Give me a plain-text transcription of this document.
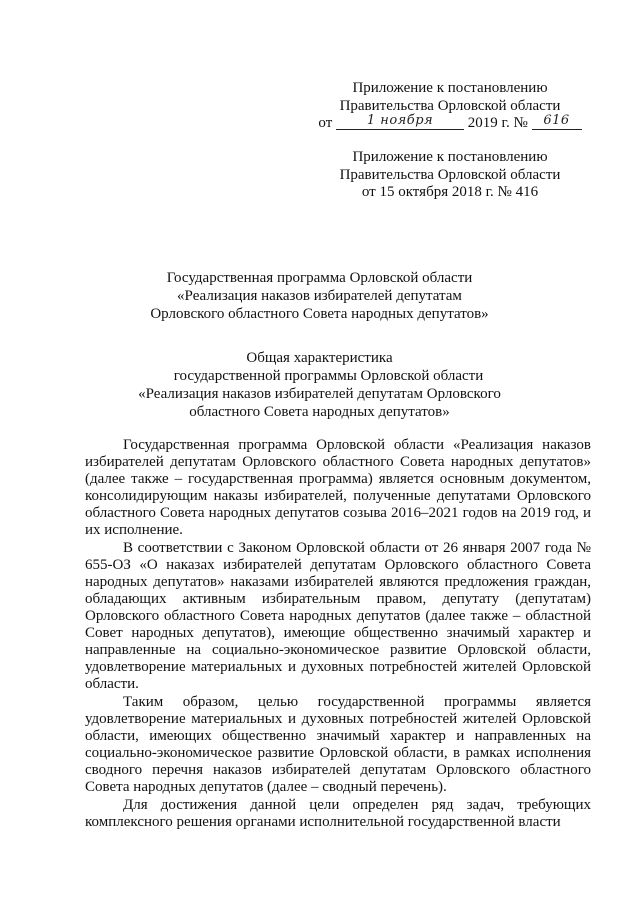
Приложение к постановлению
Правительства Орловской области
от	1 ноября 2019 г. № 616
Приложение к постановлению
Правительства Орловской области
от 15 октября 2018 г. № 416
Государственная программа Орловской области
«Реализация наказов избирателей депутатам
Орловского областного Совета народных депутатов»
Общая характеристика
государственной программы Орловской области
«Реализация наказов избирателей депутатам Орловского
областного Совета народных депутатов»

Государственная программа Орловской области «Реализация наказов избирателей депутатам Орловского областного Совета народных депутатов» (далее также – государственная программа) является основным документом, консолидирующим наказы избирателей, полученные депутатами Орловского областного Совета народных депутатов созыва 2016–2021 годов на 2019 год, и их исполнение.

В соответствии с Законом Орловской области от 26 января 2007 года № 655-ОЗ «О наказах избирателей депутатам Орловского областного Совета народных депутатов» наказами избирателей являются предложения граждан, обладающих активным избирательным правом, депутату (депутатам) Орловского областного Совета народных депутатов (далее также – областной Совет народных депутатов), имеющие общественно значимый характер и направленные на социально-экономическое развитие Орловской области, удовлетворение материальных и духовных потребностей жителей Орловской области.

Таким образом, целью государственной программы является удовлетворение материальных и духовных потребностей жителей Орловской области, имеющих общественно значимый характер и направленных на социально-экономическое развитие Орловской области, в рамках исполнения сводного перечня наказов избирателей депутатам Орловского областного Совета народных депутатов (далее – сводный перечень).

Для достижения данной цели определен ряд задач, требующих комплексного решения органами исполнительной государственной власти
